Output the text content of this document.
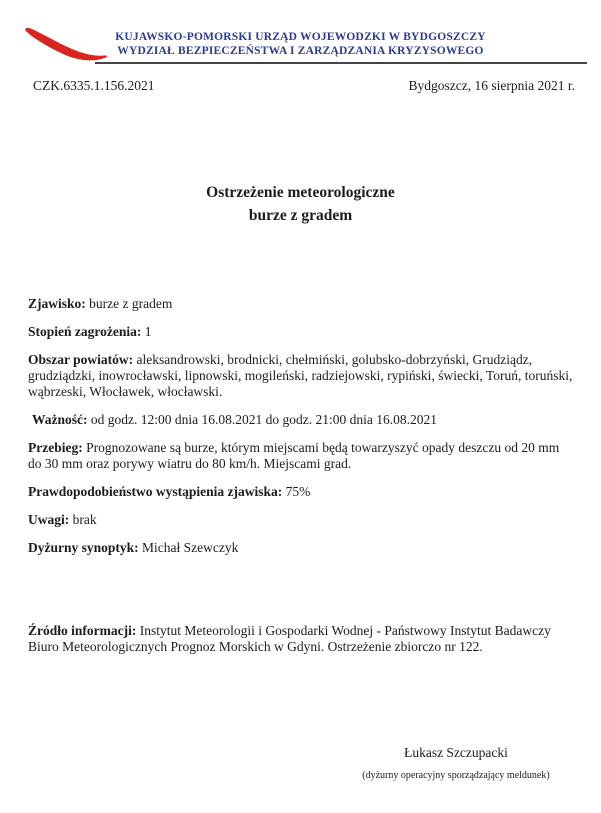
KUJAWSKO-POMORSKI URZĄD WOJEWODZKI W BYDGOSZCZY
WYDZIAŁ BEZPIECZEŃSTWA I ZARZĄDZANIA KRYZYSOWEGO
CZK.6335.1.156.2021	Bydgoszcz, 16 sierpnia 2021 r.
Ostrzeżenie meteorologiczne
burze z gradem

Zjawisko: burze z gradem

Stopień zagrożenia: 1

Obszar powiatów: aleksandrowski, brodnicki, chełmiński, golubsko-dobrzyński, Grudziądz, grudziądzki, inowrocławski, lipnowski, mogileński, radziejowski, rypiński, świecki, Toruń, toruński, wąbrzeski, Włocławek, włocławski.

Ważność: od godz. 12:00 dnia 16.08.2021 do godz. 21:00 dnia 16.08.2021

Przebieg: Prognozowane są burze, którym miejscami będą towarzyszyć opady deszczu od 20 mm do 30 mm oraz porywy wiatru do 80 km/h. Miejscami grad.

Prawdopodobieństwo wystąpienia zjawiska: 75%

Uwagi: brak

Dyżurny synoptyk: Michał Szewczyk

Źródło informacji: Instytut Meteorologii i Gospodarki Wodnej - Państwowy Instytut Badawczy Biuro Meteorologicznych Prognoz Morskich w Gdyni. Ostrzeżenie zbiorczo nr 122.

Łukasz Szczupacki
(dyżurny operacyjny sporządzający meldunek)
